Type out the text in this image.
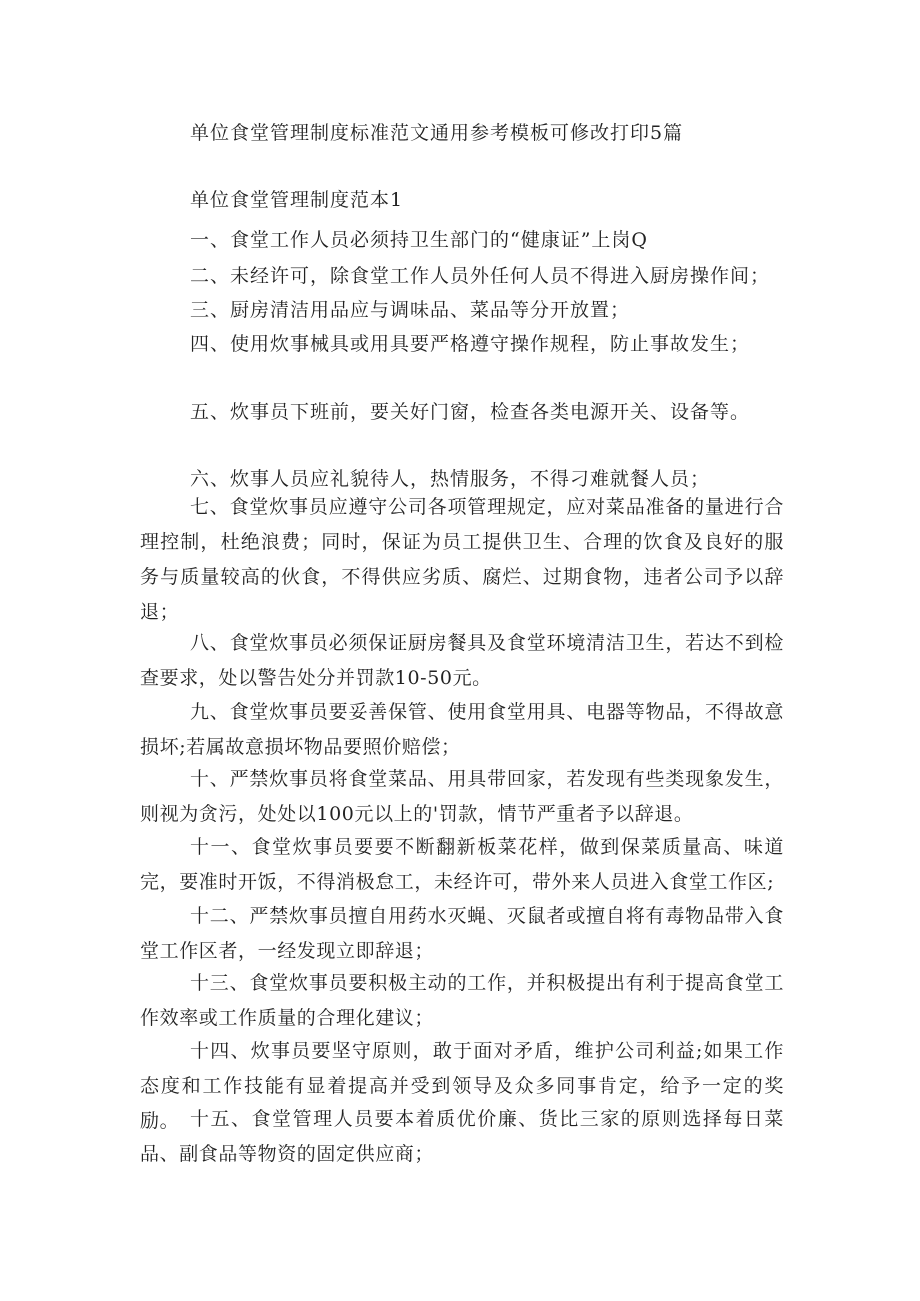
单位食堂管理制度标准范文通用参考模板可修改打印5篇
单位食堂管理制度范本1
一、食堂工作人员必须持卫生部门的“健康证”上岗Q
二、未经许可，除食堂工作人员外任何人员不得进入厨房操作间；
三、厨房清洁用品应与调味品、菜品等分开放置；
四、使用炊事械具或用具要严格遵守操作规程，防止事故发生；
五、炊事员下班前，要关好门窗，检查各类电源开关、设备等。
六、炊事人员应礼貌待人，热情服务，不得刁难就餐人员；
七、食堂炊事员应遵守公司各项管理规定，应对菜品准备的量进行合理控制，杜绝浪费；同时，保证为员工提供卫生、合理的饮食及良好的服务与质量较高的伙食，不得供应劣质、腐烂、过期食物，违者公司予以辞退；
八、食堂炊事员必须保证厨房餐具及食堂环境清洁卫生，若达不到检查要求，处以警告处分并罚款10-50元。
九、食堂炊事员要妥善保管、使用食堂用具、电器等物品，不得故意损坏;若属故意损坏物品要照价赔偿；
十、严禁炊事员将食堂菜品、用具带回家，若发现有些类现象发生，则视为贪污，处处以100元以上的'罚款，情节严重者予以辞退。
十一、食堂炊事员要要不断翻新板菜花样，做到保菜质量高、味道完，要准时开饭，不得消极怠工，未经许可，带外来人员进入食堂工作区;
十二、严禁炊事员擅自用药水灭蝇、灭鼠者或擅自将有毒物品带入食堂工作区者，一经发现立即辞退；
十三、食堂炊事员要积极主动的工作，并积极提出有利于提高食堂工作效率或工作质量的合理化建议；
十四、炊事员要坚守原则，敢于面对矛盾，维护公司利益;如果工作态度和工作技能有显着提高并受到领导及众多同事肯定，给予一定的奖励。 十五、食堂管理人员要本着质优价廉、货比三家的原则选择每日菜品、副食品等物资的固定供应商；
